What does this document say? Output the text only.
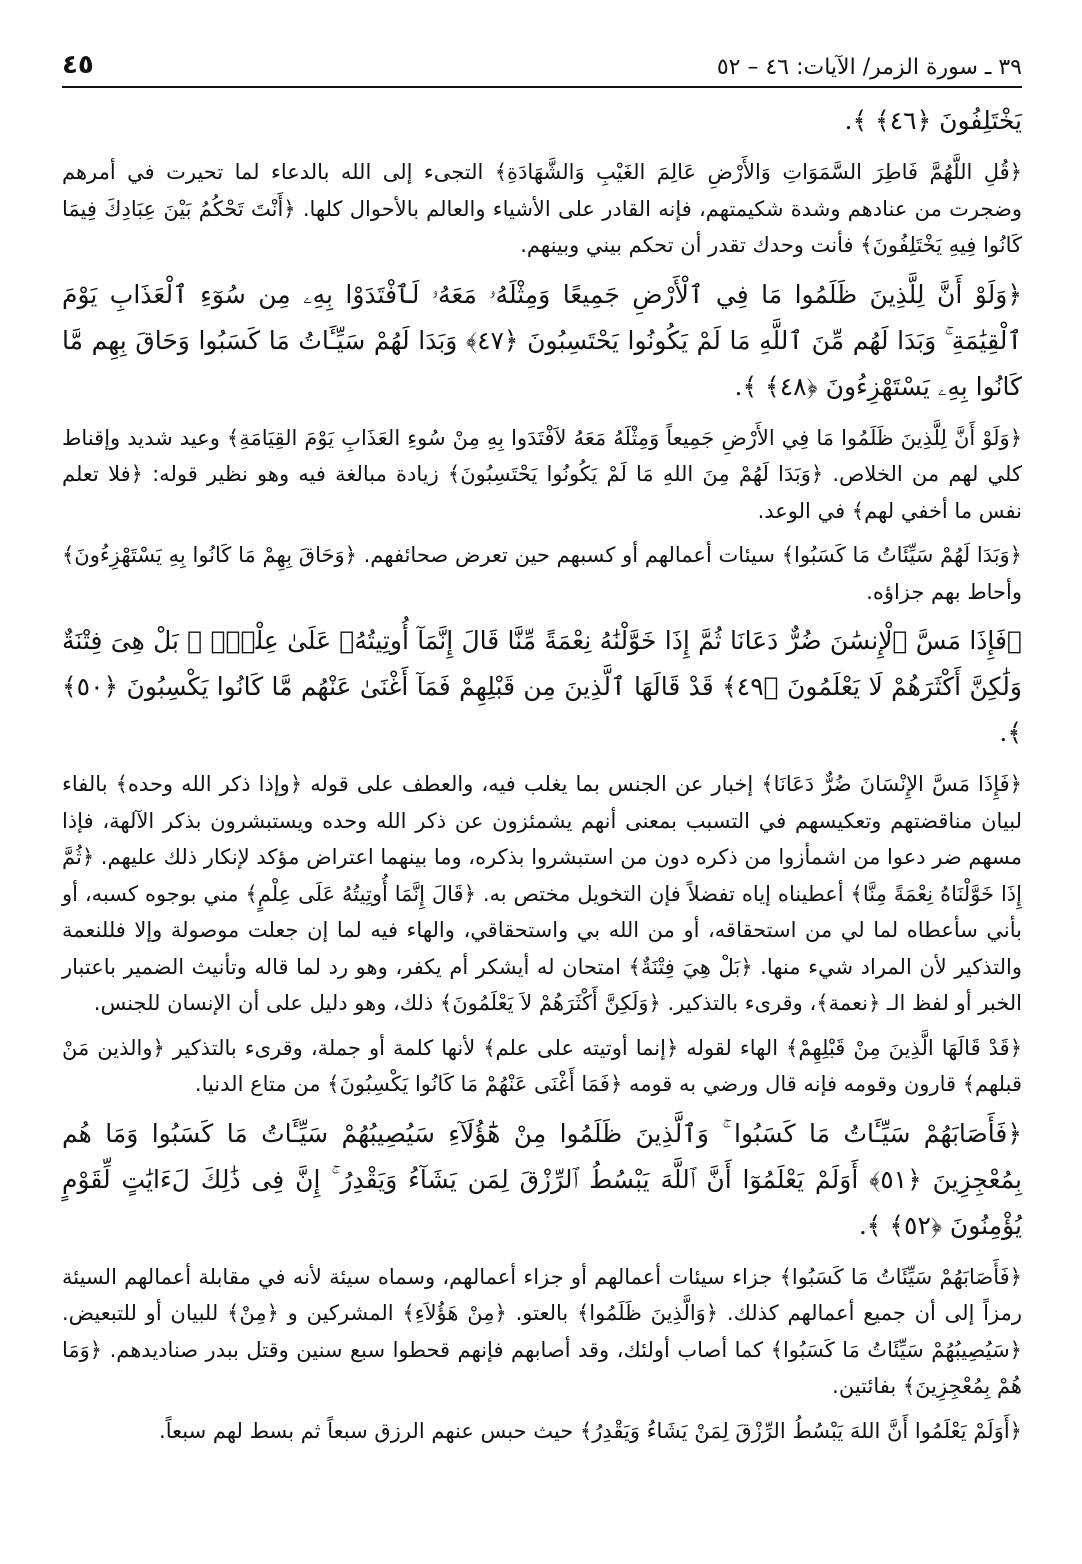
٣٩ ـ سورة الزمر/ الآيات: ٤٦ – ٥٢
٤٥

يَخْتَلِفُونَ ﴿٤٦﴾ ﴾.

﴿قُلِ اللَّهُمَّ فَاطِرَ السَّمَوَاتِ وَالأَرْضِ عَالِمَ الغَيْبِ وَالشَّهَادَةِ﴾ التجىء إلى الله بالدعاء لما تحيرت في أمرهم وضجرت من عنادهم وشدة شكيمتهم، فإنه القادر على الأشياء والعالم بالأحوال كلها. ﴿أَنْتَ تَحْكُمُ بَيْنَ عِبَادِكَ فِيمَا كَانُوا فِيهِ يَخْتَلِفُونَ﴾ فأنت وحدك تقدر أن تحكم بيني وبينهم.

﴿وَلَوْ أَنَّ لِلَّذِينَ ظَلَمُوا مَا فِي ٱلْأَرْضِ جَمِيعًا وَمِثْلَهُۥ مَعَهُۥ لَٱفْتَدَوْا بِهِۦ مِن سُوٓءِ ٱلْعَذَابِ يَوْمَ ٱلْقِيَٰمَةِ ۚ وَبَدَا لَهُم مِّنَ ٱللَّهِ مَا لَمْ يَكُونُوا يَحْتَسِبُونَ ﴿٤٧﴾ وَبَدَا لَهُمْ سَيِّـَٔاتُ مَا كَسَبُوا وَحَاقَ بِهِم مَّا كَانُوا بِهِۦ يَسْتَهْزِءُونَ ﴿٤٨﴾ ﴾.

﴿وَلَوْ أَنَّ لِلَّذِينَ ظَلَمُوا مَا فِي الأَرْضِ جَمِيعاً وَمِثْلَهُ مَعَهُ لاَفْتَدَوا بِهِ مِنْ سُوءِ العَذَابِ يَوْمَ القِيَامَةِ﴾ وعيد شديد وإقناط كلي لهم من الخلاص. ﴿وَبَدَا لَهُمْ مِنَ اللهِ مَا لَمْ يَكُونُوا يَحْتَسِبُونَ﴾ زيادة مبالغة فيه وهو نظير قوله: ﴿فلا تعلم نفس ما أخفي لهم﴾ في الوعد.

﴿وَبَدَا لَهُمْ سَيِّئَاتُ مَا كَسَبُوا﴾ سيئات أعمالهم أو كسبهم حين تعرض صحائفهم. ﴿وَحَاقَ بِهِمْ مَا كَانُوا بِهِ يَسْتَهْزِءُونَ﴾ وأحاط بهم جزاؤه.

﴿فَإِذَا مَسَّ ٱلْإِنسَٰنَ ضُرٌّ دَعَانَا ثُمَّ إِذَا خَوَّلْنَٰهُ نِعْمَةً مِّنَّا قَالَ إِنَّمَآ أُوتِيتُهُۥ عَلَىٰ عِلْمٍۭ ۚ بَلْ هِىَ فِتْنَةٌ وَلَٰكِنَّ أَكْثَرَهُمْ لَا يَعْلَمُونَ ﴿٤٩﴾ قَدْ قَالَهَا ٱلَّذِينَ مِن قَبْلِهِمْ فَمَآ أَغْنَىٰ عَنْهُم مَّا كَانُوا يَكْسِبُونَ ﴿٥٠﴾ ﴾.

﴿فَإِذَا مَسَّ الإِنْسَانَ ضُرٌّ دَعَانَا﴾ إخبار عن الجنس بما يغلب فيه، والعطف على قوله ﴿وإذا ذكر الله وحده﴾ بالفاء لبيان مناقضتهم وتعكيسهم في التسبب بمعنى أنهم يشمئزون عن ذكر الله وحده ويستبشرون بذكر الآلهة، فإذا مسهم ضر دعوا من اشمأزوا من ذكره دون من استبشروا بذكره، وما بينهما اعتراض مؤكد لإنكار ذلك عليهم. ﴿ثُمَّ إِذَا خَوَّلْنَاهُ نِعْمَةً مِنَّا﴾ أعطيناه إياه تفضلاً فإن التخويل مختص به. ﴿قَالَ إِنَّمَا أُوتِيتُهُ عَلَى عِلْمٍ﴾ مني بوجوه كسبه، أو بأني سأعطاه لما لي من استحقاقه، أو من الله بي واستحقاقي، والهاء فيه لما إن جعلت موصولة وإلا فللنعمة والتذكير لأن المراد شيء منها. ﴿بَلْ هِيَ فِتْنَةٌ﴾ امتحان له أيشكر أم يكفر، وهو رد لما قاله وتأنيث الضمير باعتبار الخبر أو لفظ الـ ﴿نعمة﴾، وقرىء بالتذكير. ﴿وَلَكِنَّ أَكْثَرَهُمْ لاَ يَعْلَمُونَ﴾ ذلك، وهو دليل على أن الإنسان للجنس.

﴿قَدْ قَالَهَا الَّذِينَ مِنْ قَبْلِهِمْ﴾ الهاء لقوله ﴿إنما أوتيته على علم﴾ لأنها كلمة أو جملة، وقرىء بالتذكير ﴿والذين مَنْ قبلهم﴾ قارون وقومه فإنه قال ورضي به قومه ﴿فَمَا أَغْنَى عَنْهُمْ مَا كَانُوا يَكْسِبُونَ﴾ من متاع الدنيا.

﴿فَأَصَابَهُمْ سَيِّـَٔاتُ مَا كَسَبُوا ۚ وَٱلَّذِينَ ظَلَمُوا مِنْ هَٰٓؤُلَآءِ سَيُصِيبُهُمْ سَيِّـَٔاتُ مَا كَسَبُوا وَمَا هُم بِمُعْجِزِينَ ﴿٥١﴾ أَوَلَمْ يَعْلَمُوٓا أَنَّ ٱللَّهَ يَبْسُطُ ٱلرِّزْقَ لِمَن يَشَآءُ وَيَقْدِرُ ۚ إِنَّ فِى ذَٰلِكَ لَءَايَٰتٍ لِّقَوْمٍ يُؤْمِنُونَ ﴿٥٢﴾ ﴾.

﴿فَأَصَابَهُمْ سَيِّئَاتُ مَا كَسَبُوا﴾ جزاء سيئات أعمالهم أو جزاء أعمالهم، وسماه سيئة لأنه في مقابلة أعمالهم السيئة رمزاً إلى أن جميع أعمالهم كذلك. ﴿وَالَّذِينَ ظَلَمُوا﴾ بالعتو. ﴿مِنْ هَؤُلاَءِ﴾ المشركين و ﴿مِنْ﴾ للبيان أو للتبعيض. ﴿سَيُصِيبُهُمْ سَيِّئَاتُ مَا كَسَبُوا﴾ كما أصاب أولئك، وقد أصابهم فإنهم قحطوا سبع سنين وقتل ببدر صناديدهم. ﴿وَمَا هُمْ بِمُعْجِزِينَ﴾ بفائتين.

﴿أَوَلَمْ يَعْلَمُوا أَنَّ اللهَ يَبْسُطُ الرِّزْقَ لِمَنْ يَشَاءُ وَيَقْدِرُ﴾ حيث حبس عنهم الرزق سبعاً ثم بسط لهم سبعاً.
